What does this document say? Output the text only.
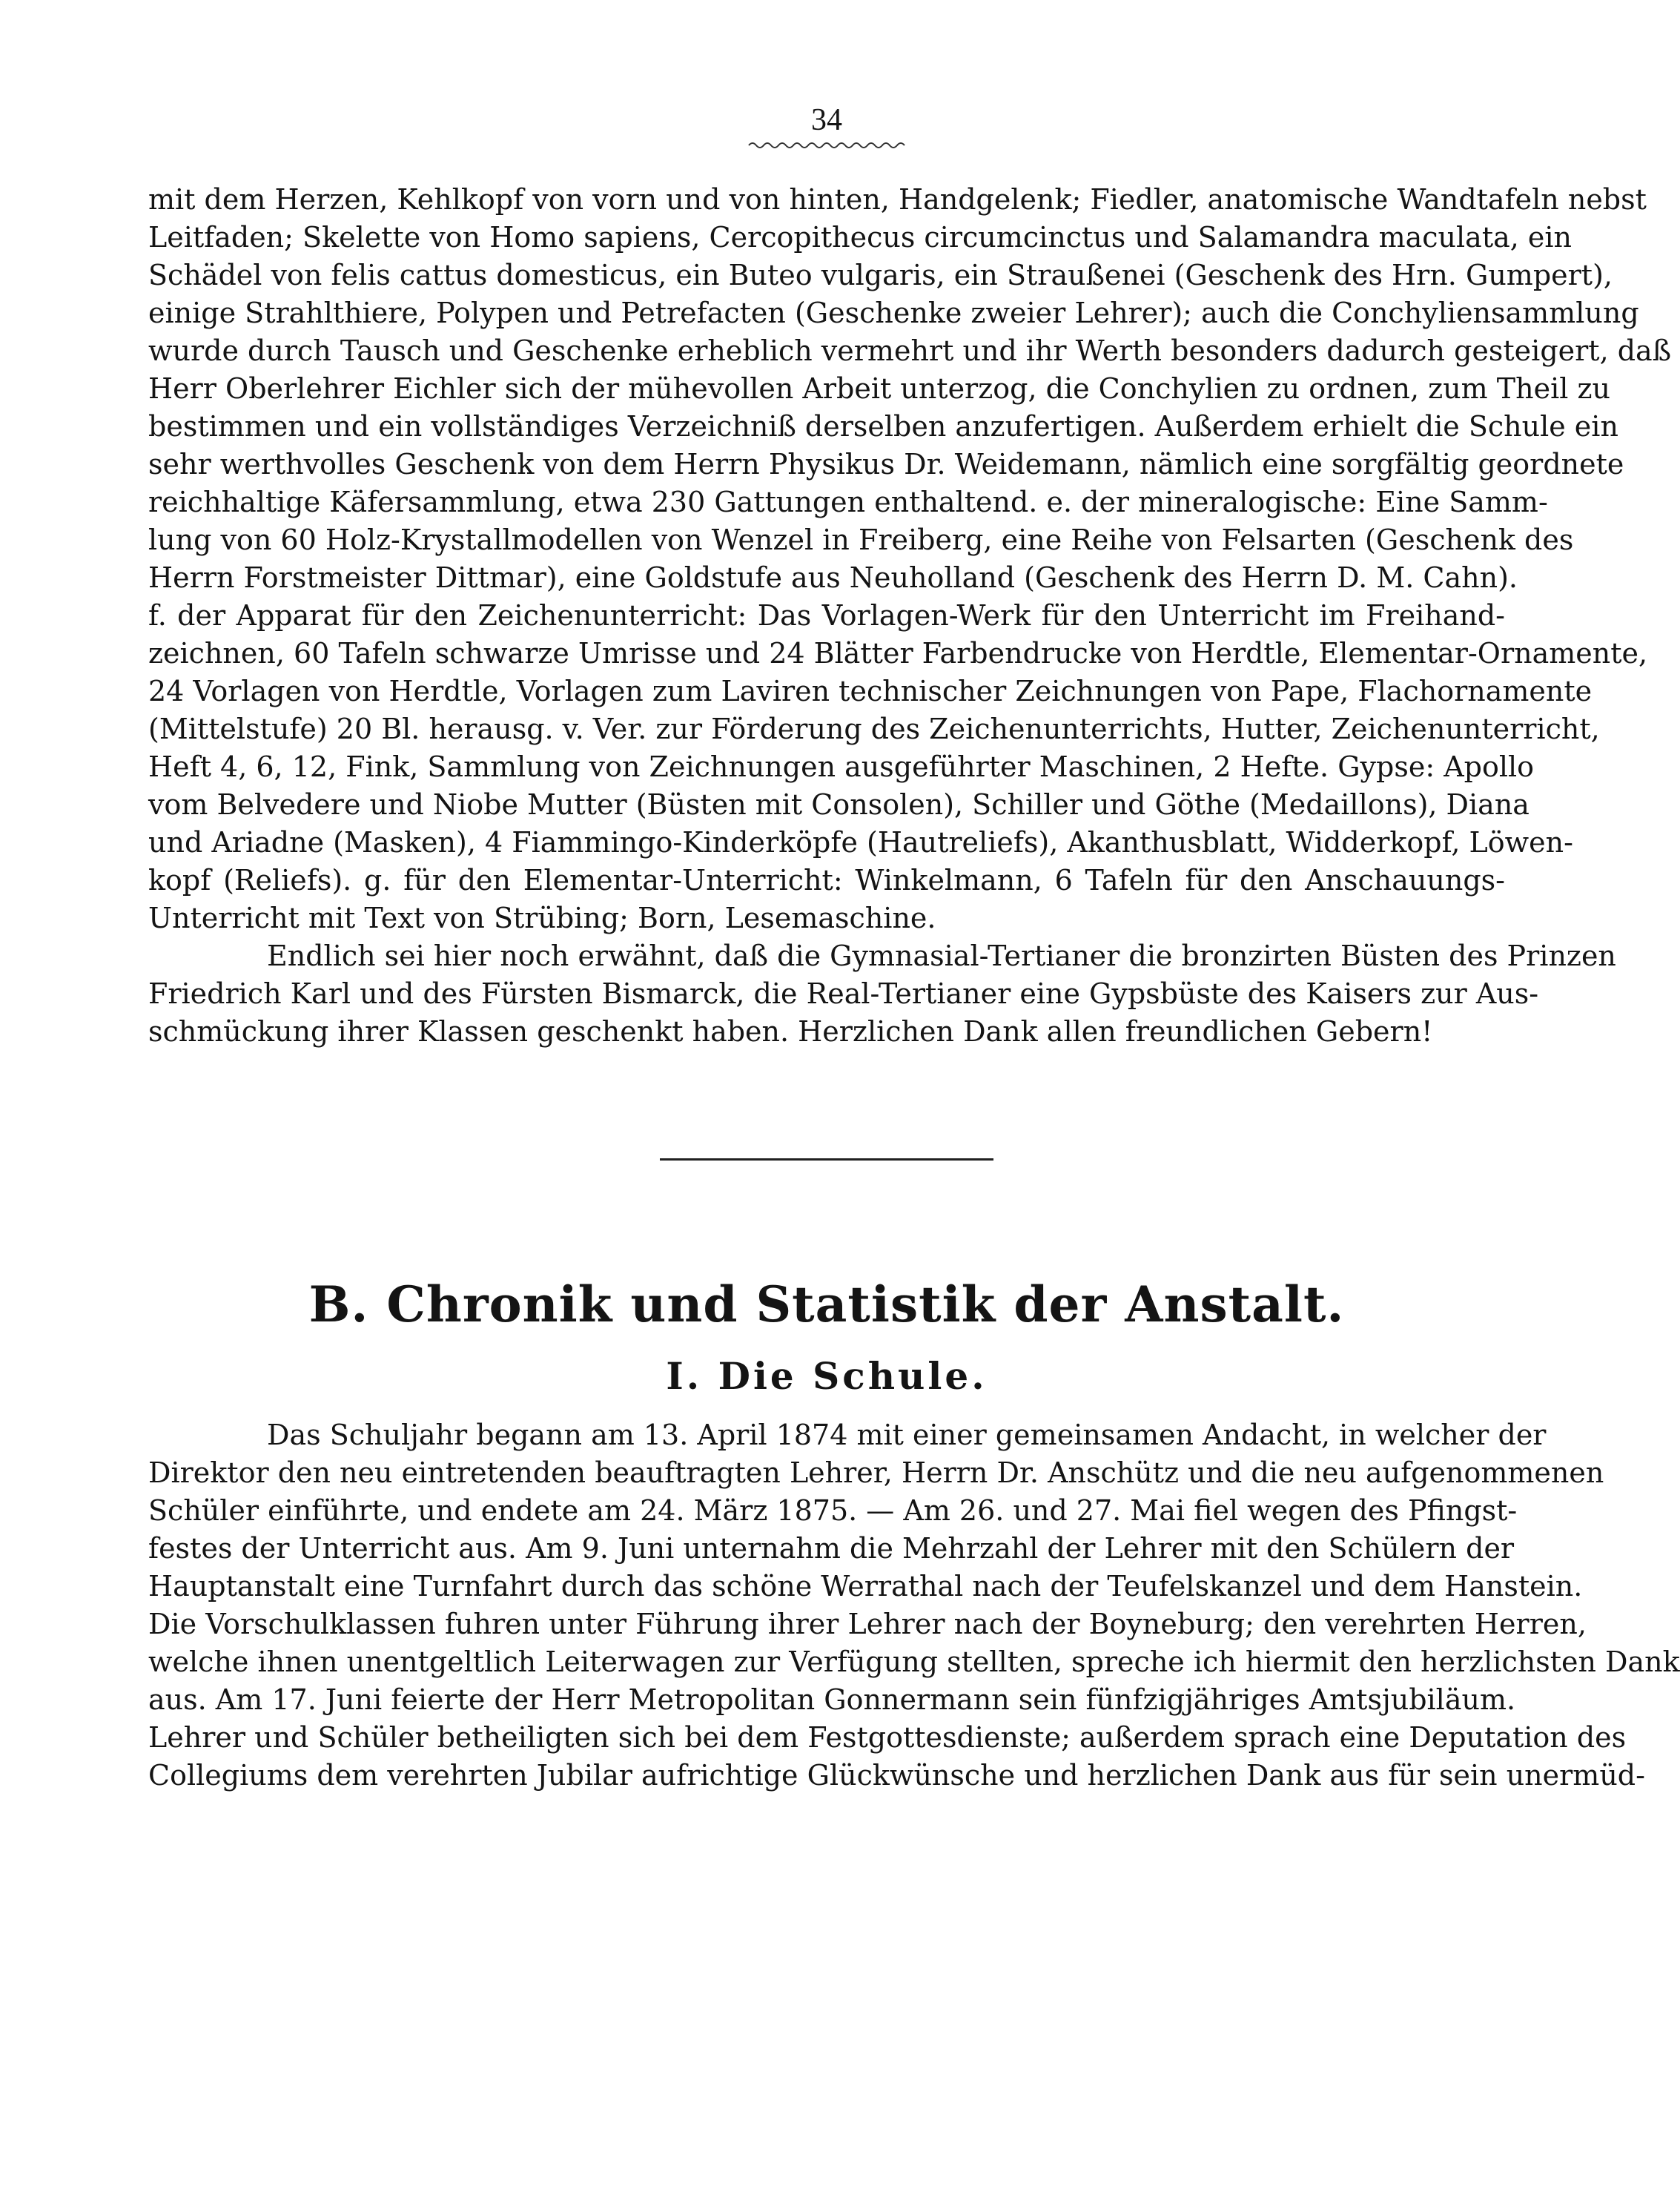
34
mit dem Herzen, Kehlkopf von vorn und von hinten, Handgelenk; Fiedler, anatomische Wandtafeln nebst
Leitfaden; Skelette von Homo sapiens, Cercopithecus circumcinctus und Salamandra maculata, ein
Schädel von felis cattus domesticus, ein Buteo vulgaris, ein Straußenei (Geschenk des Hrn. Gumpert),
einige Strahlthiere, Polypen und Petrefacten (Geschenke zweier Lehrer); auch die Conchyliensammlung
wurde durch Tausch und Geschenke erheblich vermehrt und ihr Werth besonders dadurch gesteigert, daß
Herr Oberlehrer Eichler sich der mühevollen Arbeit unterzog, die Conchylien zu ordnen, zum Theil zu
bestimmen und ein vollständiges Verzeichniß derselben anzufertigen. Außerdem erhielt die Schule ein
sehr werthvolles Geschenk von dem Herrn Physikus Dr. Weidemann, nämlich eine sorgfältig geordnete
reichhaltige Käfersammlung, etwa 230 Gattungen enthaltend. e. der mineralogische: Eine Samm-
lung von 60 Holz-Krystallmodellen von Wenzel in Freiberg, eine Reihe von Felsarten (Geschenk des
Herrn Forstmeister Dittmar), eine Goldstufe aus Neuholland (Geschenk des Herrn D. M. Cahn).
f. der Apparat für den Zeichenunterricht: Das Vorlagen-Werk für den Unterricht im Freihand-
zeichnen, 60 Tafeln schwarze Umrisse und 24 Blätter Farbendrucke von Herdtle, Elementar-Ornamente,
24 Vorlagen von Herdtle, Vorlagen zum Laviren technischer Zeichnungen von Pape, Flachornamente
(Mittelstufe) 20 Bl. herausg. v. Ver. zur Förderung des Zeichenunterrichts, Hutter, Zeichenunterricht,
Heft 4, 6, 12, Fink, Sammlung von Zeichnungen ausgeführter Maschinen, 2 Hefte. Gypse: Apollo
vom Belvedere und Niobe Mutter (Büsten mit Consolen), Schiller und Göthe (Medaillons), Diana
und Ariadne (Masken), 4 Fiammingo-Kinderköpfe (Hautreliefs), Akanthusblatt, Widderkopf, Löwen-
kopf (Reliefs). g. für den Elementar-Unterricht: Winkelmann, 6 Tafeln für den Anschauungs-
Unterricht mit Text von Strübing; Born, Lesemaschine.
Endlich sei hier noch erwähnt, daß die Gymnasial-Tertianer die bronzirten Büsten des Prinzen
Friedrich Karl und des Fürsten Bismarck, die Real-Tertianer eine Gypsbüste des Kaisers zur Aus-
schmückung ihrer Klassen geschenkt haben. Herzlichen Dank allen freundlichen Gebern!
B. Chronik und Statistik der Anstalt.
I. Die Schule.
Das Schuljahr begann am 13. April 1874 mit einer gemeinsamen Andacht, in welcher der
Direktor den neu eintretenden beauftragten Lehrer, Herrn Dr. Anschütz und die neu aufgenommenen
Schüler einführte, und endete am 24. März 1875. — Am 26. und 27. Mai fiel wegen des Pfingst-
festes der Unterricht aus. Am 9. Juni unternahm die Mehrzahl der Lehrer mit den Schülern der
Hauptanstalt eine Turnfahrt durch das schöne Werrathal nach der Teufelskanzel und dem Hanstein.
Die Vorschulklassen fuhren unter Führung ihrer Lehrer nach der Boyneburg; den verehrten Herren,
welche ihnen unentgeltlich Leiterwagen zur Verfügung stellten, spreche ich hiermit den herzlichsten Dank
aus. Am 17. Juni feierte der Herr Metropolitan Gonnermann sein fünfzigjähriges Amtsjubiläum.
Lehrer und Schüler betheiligten sich bei dem Festgottesdienste; außerdem sprach eine Deputation des
Collegiums dem verehrten Jubilar aufrichtige Glückwünsche und herzlichen Dank aus für sein unermüd-
